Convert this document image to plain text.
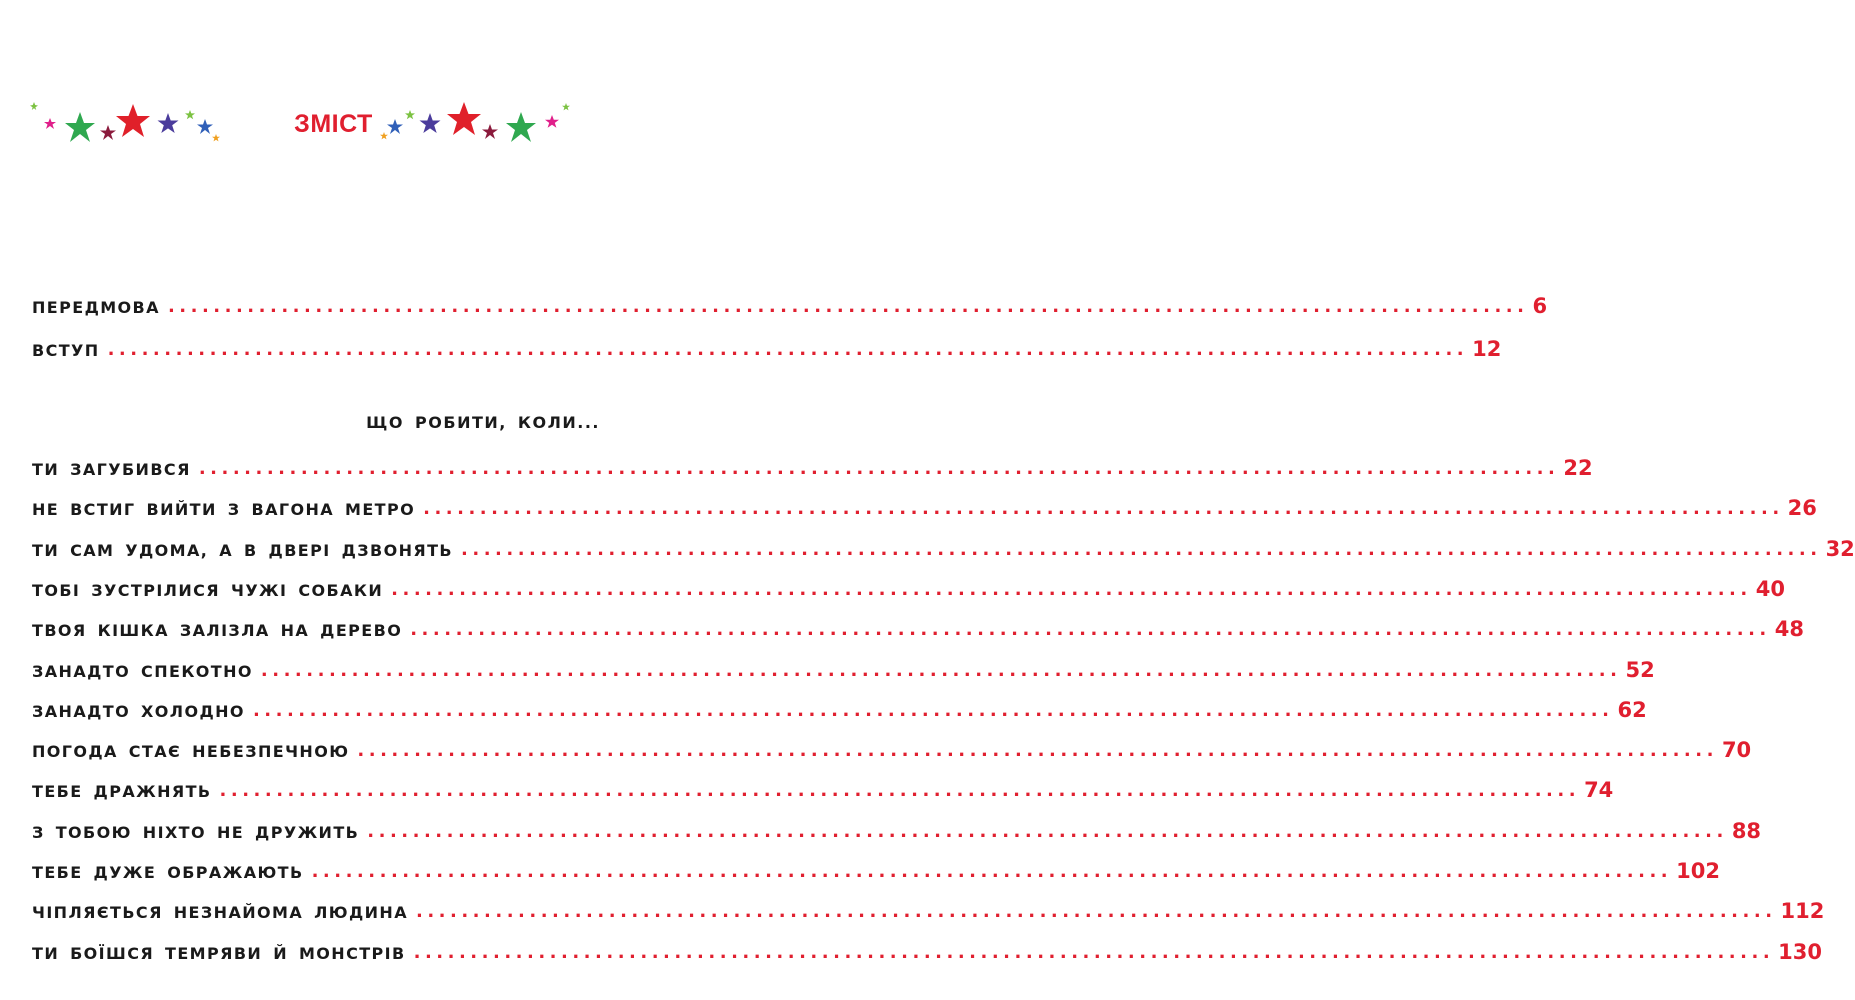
ЗМІСТ
ПЕРЕДМОВА ........................................................................................................................ 6
ВСТУП ........................................................................................................................ 12
ЩО РОБИТИ, КОЛИ...
ТИ ЗАГУБИВСЯ ........................................................................................................................ 22
НЕ ВСТИГ ВИЙТИ З ВАГОНА МЕТРО ........................................................................................................................ 26
ТИ САМ УДОМА, А В ДВЕРІ ДЗВОНЯТЬ ........................................................................................................................ 32
ТОБІ ЗУСТРІЛИСЯ ЧУЖІ СОБАКИ ........................................................................................................................ 40
ТВОЯ КІШКА ЗАЛІЗЛА НА ДЕРЕВО ........................................................................................................................ 48
ЗАНАДТО СПЕКОТНО ........................................................................................................................ 52
ЗАНАДТО ХОЛОДНО ........................................................................................................................ 62
ПОГОДА СТАЄ НЕБЕЗПЕЧНОЮ ........................................................................................................................ 70
ТЕБЕ ДРАЖНЯТЬ ........................................................................................................................ 74
З ТОБОЮ НІХТО НЕ ДРУЖИТЬ ........................................................................................................................ 88
ТЕБЕ ДУЖЕ ОБРАЖАЮТЬ ........................................................................................................................ 102
ЧІПЛЯЄТЬСЯ НЕЗНАЙОМА ЛЮДИНА ........................................................................................................................ 112
ТИ БОЇШСЯ ТЕМРЯВИ Й МОНСТРІВ ........................................................................................................................ 130
